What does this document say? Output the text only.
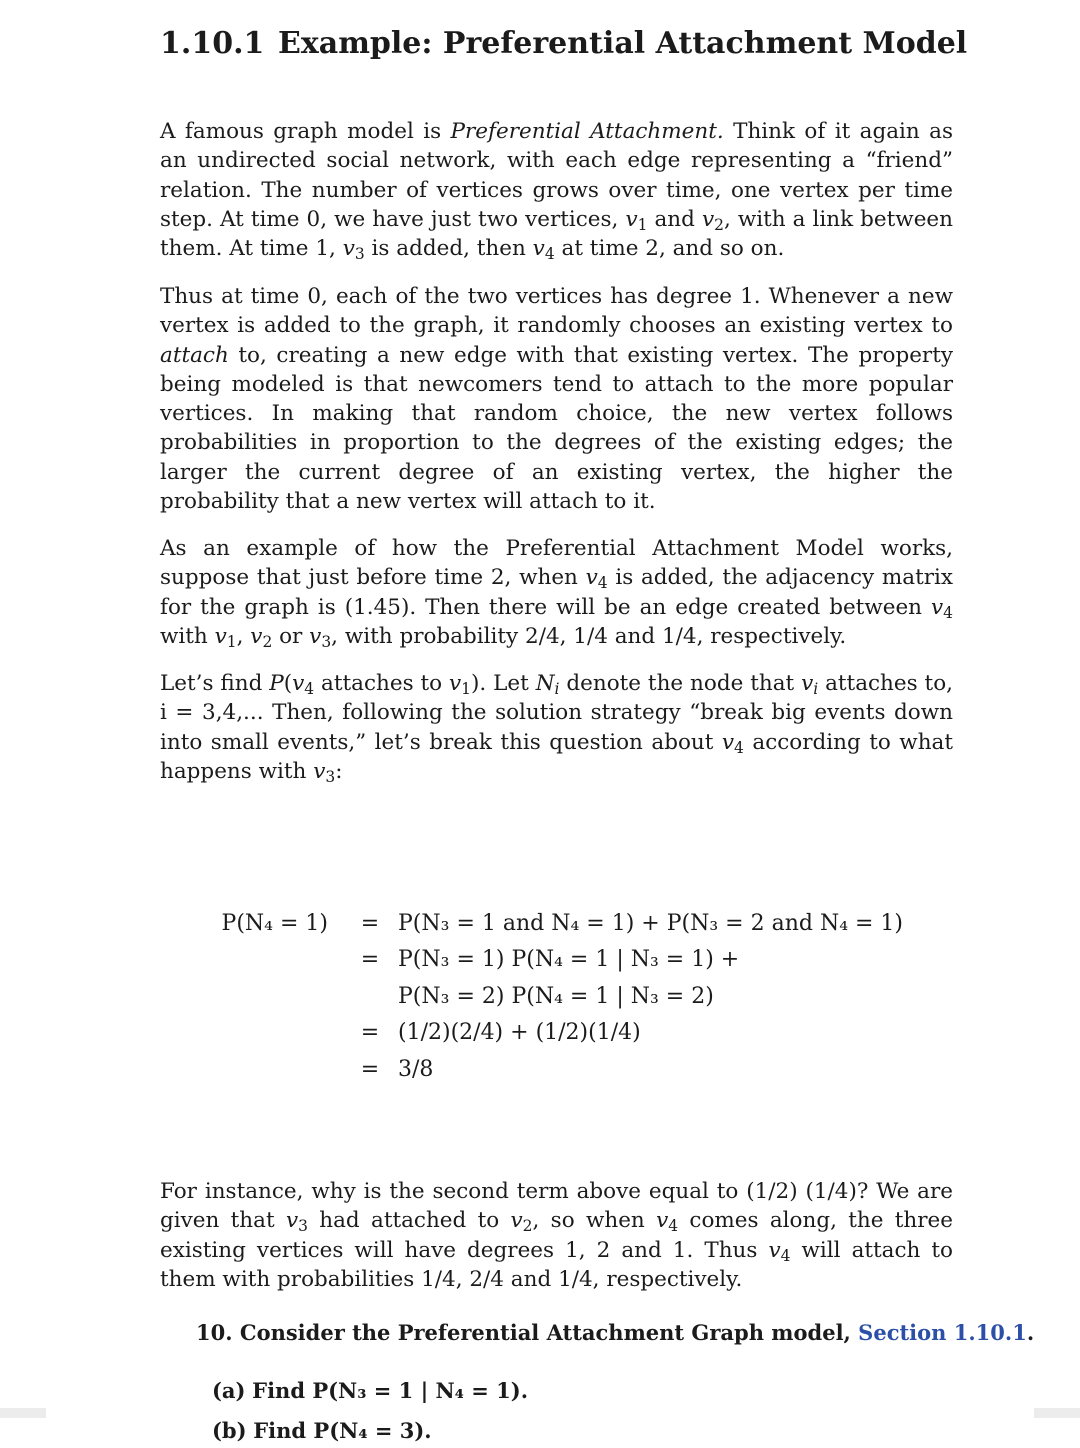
1.10.1 Example: Preferential Attachment Model

A famous graph model is Preferential Attachment. Think of it again as an undirected social network, with each edge representing a “friend” relation. The number of vertices grows over time, one vertex per time step. At time 0, we have just two vertices, $v_1$ and $v_2$, with a link between them. At time 1, $v_3$ is added, then $v_4$ at time 2, and so on.

Thus at time 0, each of the two vertices has degree 1. Whenever a new vertex is added to the graph, it randomly chooses an existing vertex to attach to, creating a new edge with that existing vertex. The property being modeled is that newcomers tend to attach to the more popular vertices. In making that random choice, the new vertex follows probabilities in proportion to the degrees of the existing edges; the larger the current degree of an existing vertex, the higher the probability that a new vertex will attach to it.

As an example of how the Preferential Attachment Model works, suppose that just before time 2, when $v_4$ is added, the adjacency matrix for the graph is (1.45). Then there will be an edge created between $v_4$ with $v_1$, $v_2$ or $v_3$, with probability 2/4, 1/4 and 1/4, respectively.

Let’s find $P(v_4$ attaches to $v_1$). Let $N_i$ denote the node that $v_i$ attaches to, i = 3,4,... Then, following the solution strategy “break big events down into small events,” let’s break this question about $v_4$ according to what happens with $v_3$:

P(N₄ = 1)	=	P(N₃ = 1 and N₄ = 1) + P(N₃ = 2 and N₄ = 1)
	=	P(N₃ = 1) P(N₄ = 1 | N₃ = 1) +
		P(N₃ = 2) P(N₄ = 1 | N₃ = 2)
	=	(1/2)(2/4) + (1/2)(1/4)
	=	3/8

For instance, why is the second term above equal to (1/2) (1/4)? We are given that $v_3$ had attached to $v_2$, so when $v_4$ comes along, the three existing vertices will have degrees 1, 2 and 1. Thus $v_4$ will attach to them with probabilities 1/4, 2/4 and 1/4, respectively.

10. Consider the Preferential Attachment Graph model, Section 1.10.1.
(a) Find P(N₃ = 1 | N₄ = 1).
(b) Find P(N₄ = 3).
